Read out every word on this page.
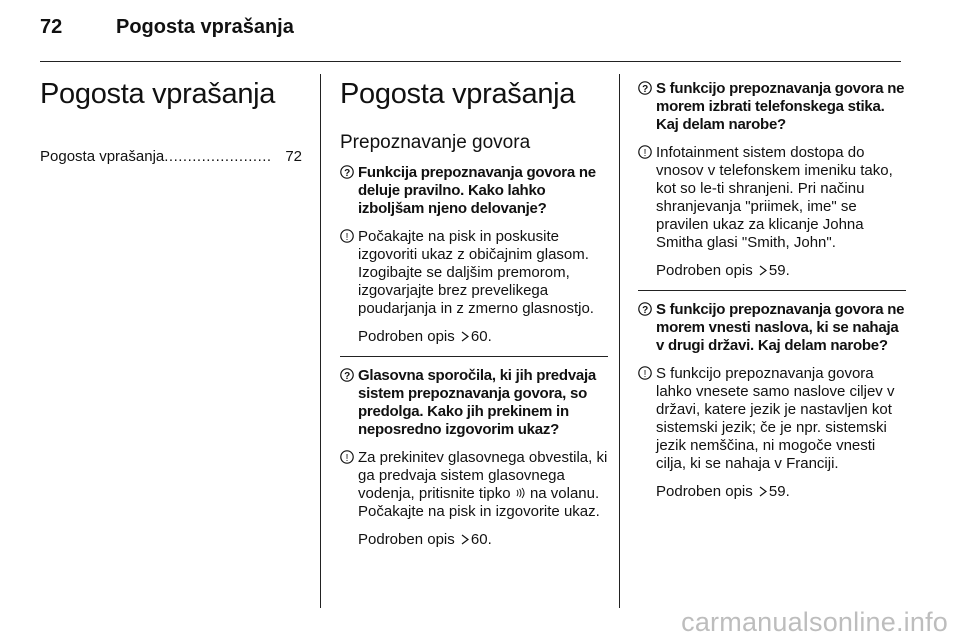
72	Pogosta vprašanja
Pogosta vprašanja
Pogosta vprašanja ....................... 72
Pogosta vprašanja
Prepoznavanje govora
? Funkcija prepoznavanja govora ne deluje pravilno. Kako lahko izboljšam njeno delovanje?
! Počakajte na pisk in poskusite izgovoriti ukaz z običajnim glasom. Izogibajte se daljšim premorom, izgovarjajte brez prevelikega poudarjanja in z zmerno glasnostjo.
Podroben opis 60.
? Glasovna sporočila, ki jih predvaja sistem prepoznavanja govora, so predolga. Kako jih prekinem in neposredno izgovorim ukaz?
! Za prekinitev glasovnega obvestila, ki ga predvaja sistem glasovnega vodenja, pritisnite tipko na volanu. Počakajte na pisk in izgovorite ukaz.
Podroben opis 60.
? S funkcijo prepoznavanja govora ne morem izbrati telefonskega stika. Kaj delam narobe?
! Infotainment sistem dostopa do vnosov v telefonskem imeniku tako, kot so le-ti shranjeni. Pri načinu shranjevanja "priimek, ime" se pravilen ukaz za klicanje Johna Smitha glasi "Smith, John".
Podroben opis 59.
? S funkcijo prepoznavanja govora ne morem vnesti naslova, ki se nahaja v drugi državi. Kaj delam narobe?
! S funkcijo prepoznavanja govora lahko vnesete samo naslove ciljev v državi, katere jezik je nastavljen kot sistemski jezik; če je npr. sistemski jezik nemščina, ni mogoče vnesti cilja, ki se nahaja v Franciji.
Podroben opis 59.
carmanualsonline.info
